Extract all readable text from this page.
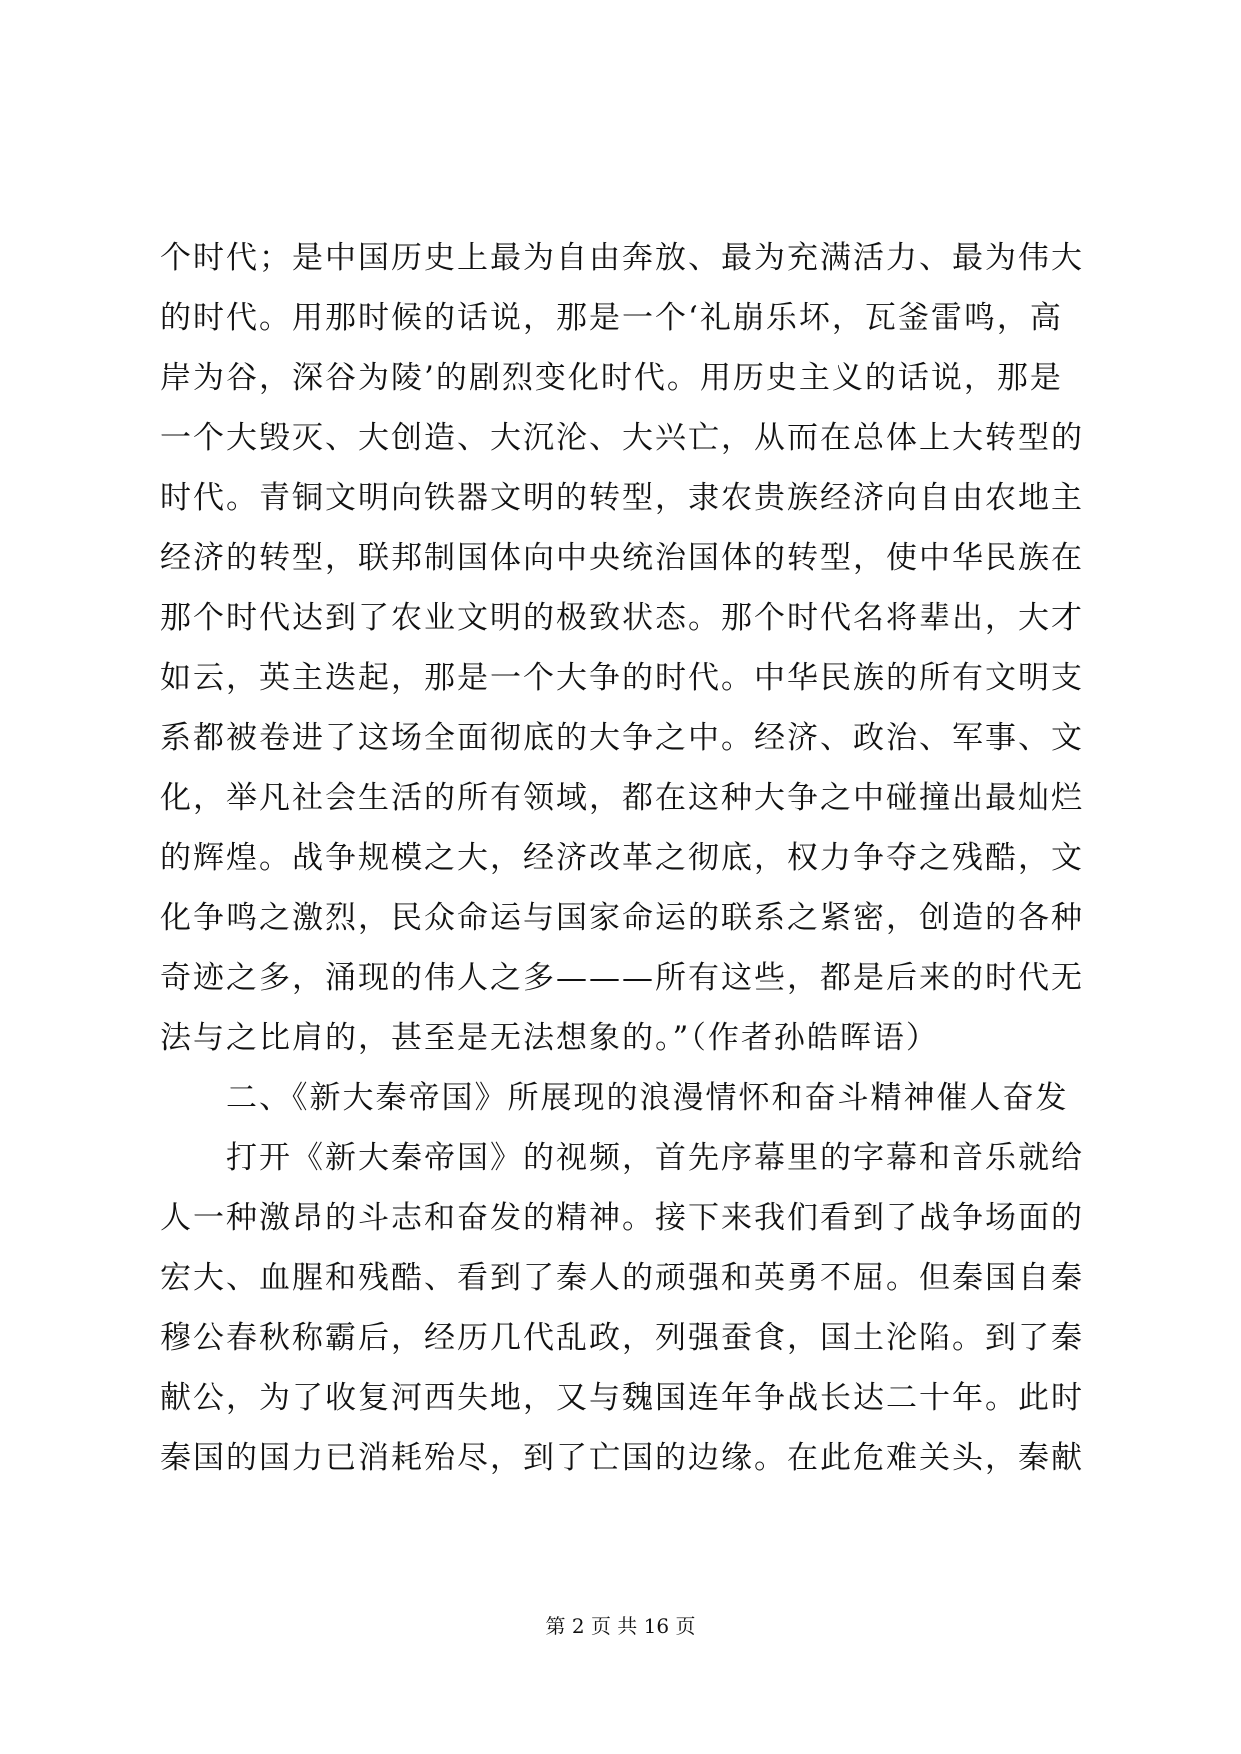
个时代；是中国历史上最为自由奔放、最为充满活力、最为伟大
的时代。用那时候的话说，那是一个‘礼崩乐坏，瓦釜雷鸣，高
岸为谷，深谷为陵’的剧烈变化时代。用历史主义的话说，那是
一个大毁灭、大创造、大沉沦、大兴亡，从而在总体上大转型的
时代。青铜文明向铁器文明的转型，隶农贵族经济向自由农地主
经济的转型，联邦制国体向中央统治国体的转型，使中华民族在
那个时代达到了农业文明的极致状态。那个时代名将辈出，大才
如云，英主迭起，那是一个大争的时代。中华民族的所有文明支
系都被卷进了这场全面彻底的大争之中。经济、政治、军事、文
化，举凡社会生活的所有领域，都在这种大争之中碰撞出最灿烂
的辉煌。战争规模之大，经济改革之彻底，权力争夺之残酷，文
化争鸣之激烈，民众命运与国家命运的联系之紧密，创造的各种
奇迹之多，涌现的伟人之多———所有这些，都是后来的时代无
法与之比肩的，甚至是无法想象的。”（作者孙皓晖语）
　　二、《新大秦帝国》所展现的浪漫情怀和奋斗精神催人奋发
　　打开《新大秦帝国》的视频，首先序幕里的字幕和音乐就给
人一种激昂的斗志和奋发的精神。接下来我们看到了战争场面的
宏大、血腥和残酷、看到了秦人的顽强和英勇不屈。但秦国自秦
穆公春秋称霸后，经历几代乱政，列强蚕食，国土沦陷。到了秦
献公，为了收复河西失地，又与魏国连年争战长达二十年。此时
秦国的国力已消耗殆尽，到了亡国的边缘。在此危难关头，秦献
第 2 页 共 16 页
